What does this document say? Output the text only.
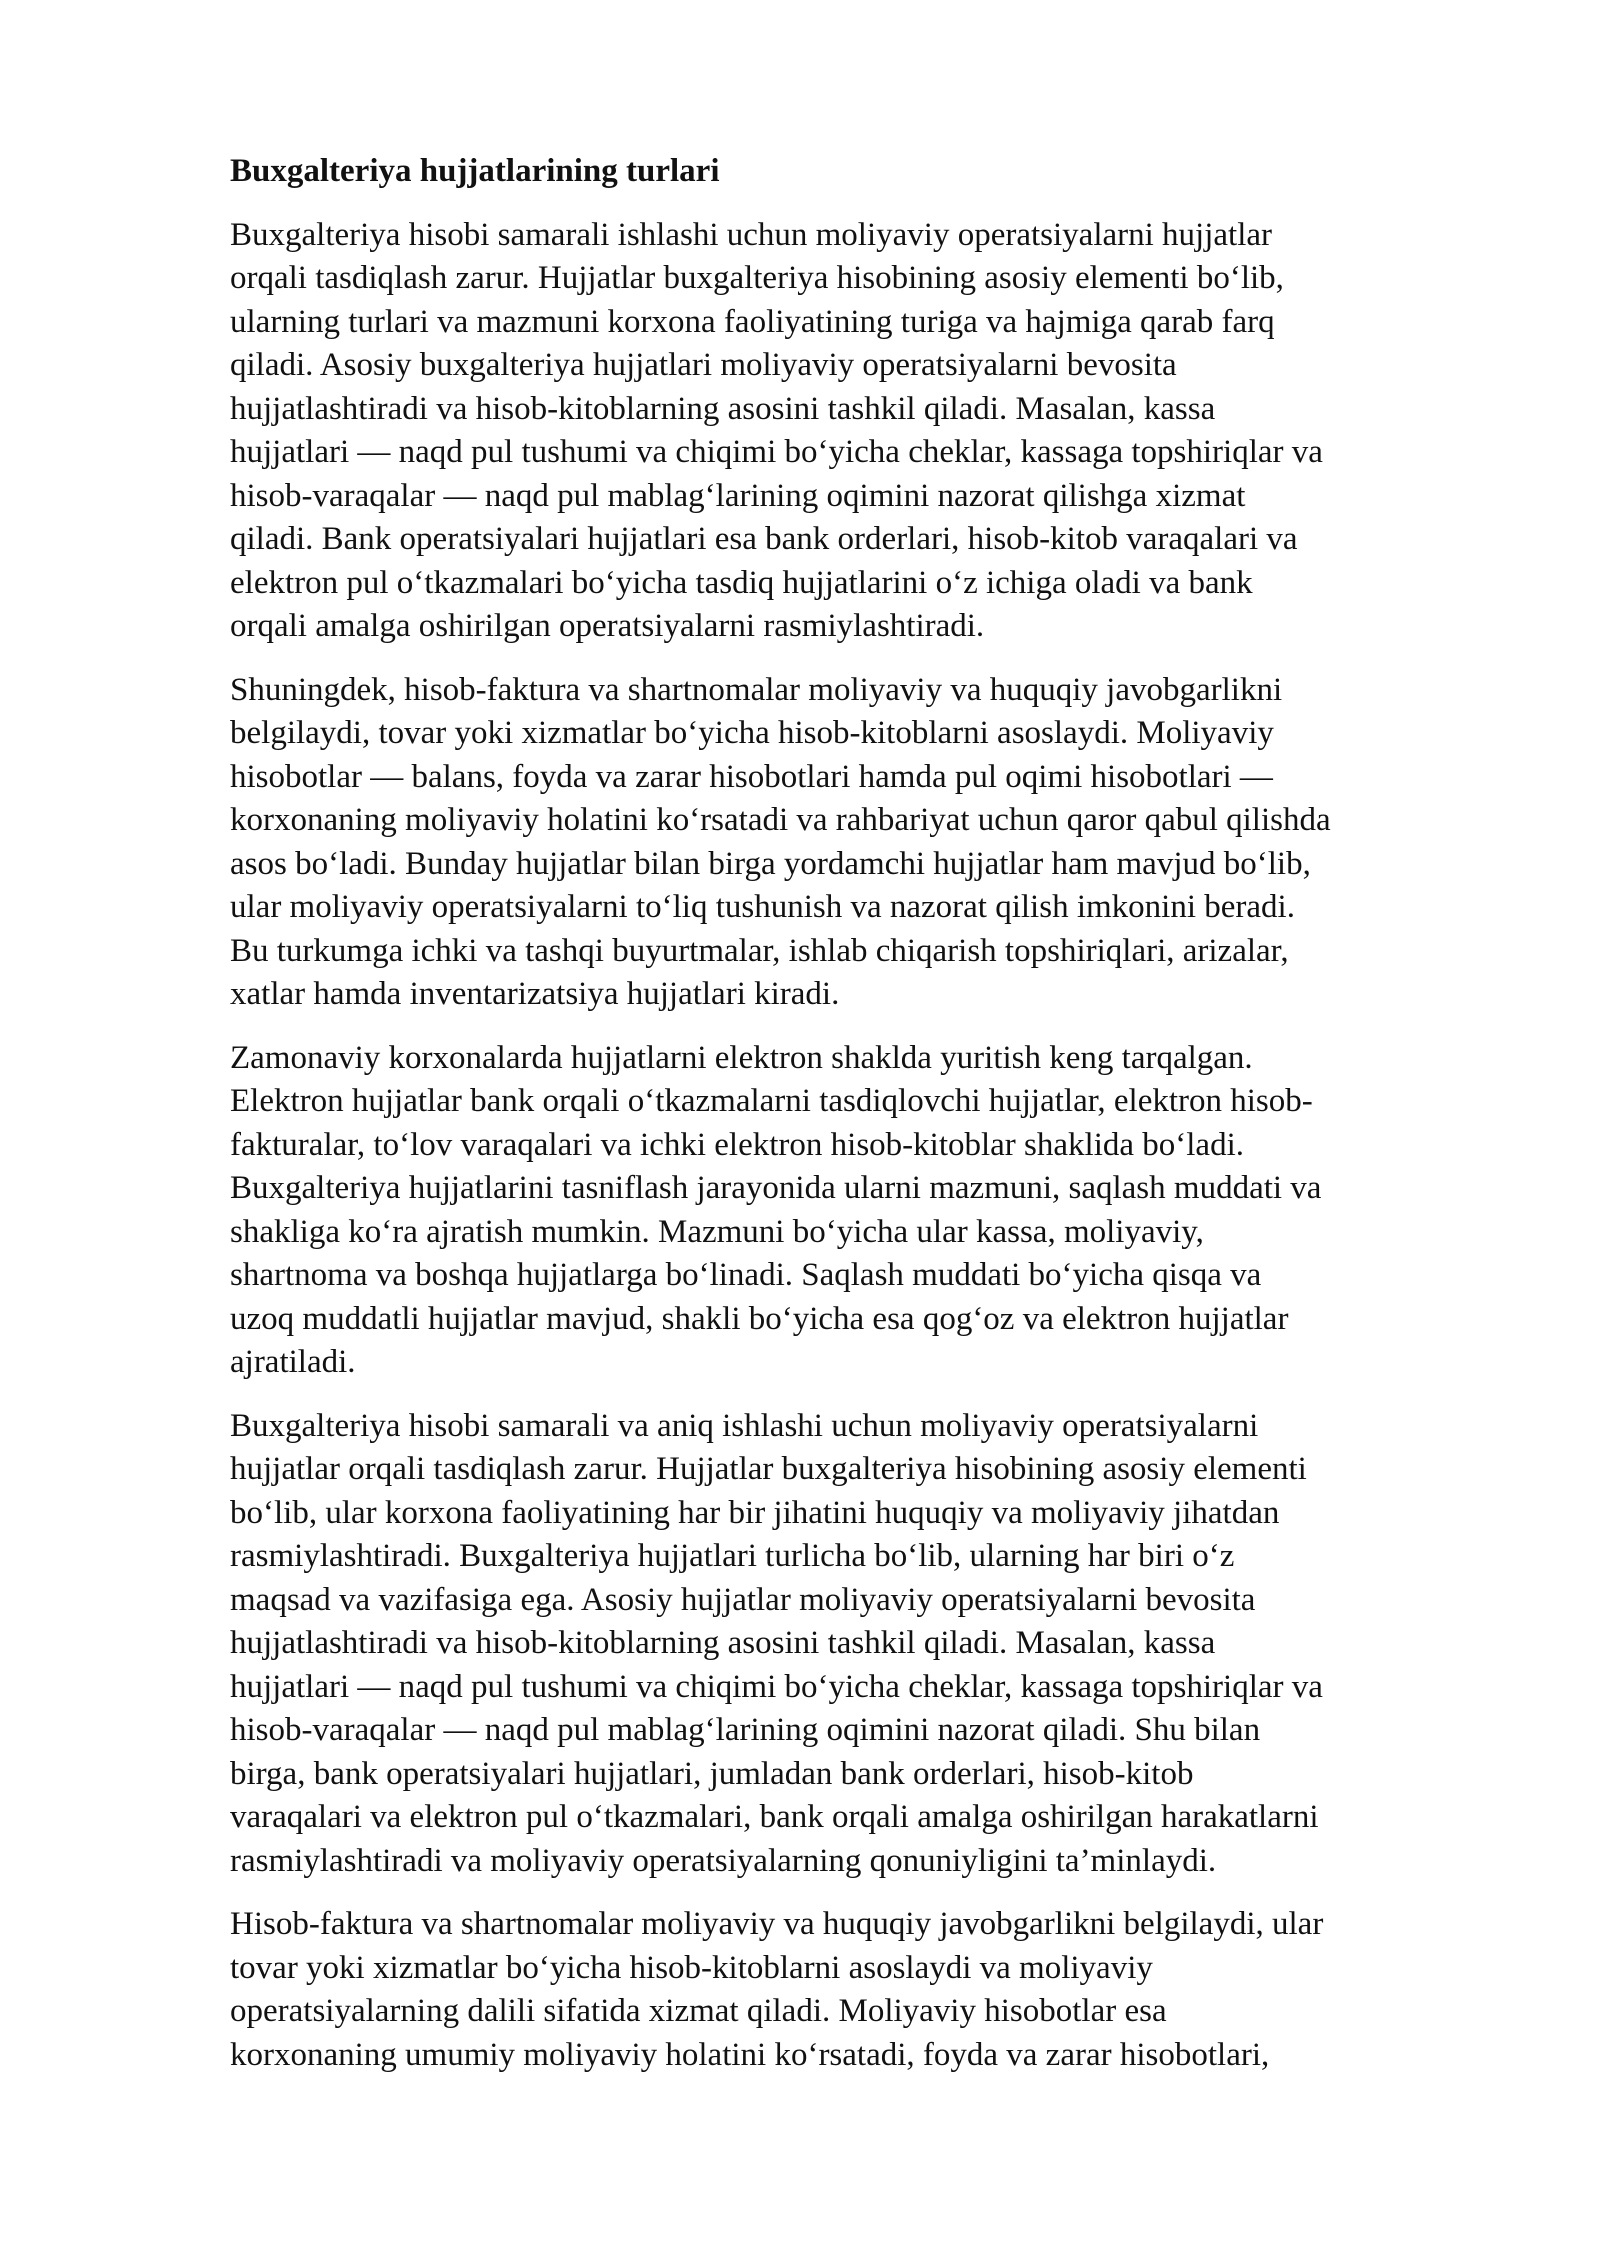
Buxgalteriya hujjatlarining turlari

Buxgalteriya hisobi samarali ishlashi uchun moliyaviy operatsiyalarni hujjatlar
orqali tasdiqlash zarur. Hujjatlar buxgalteriya hisobining asosiy elementi bo‘lib,
ularning turlari va mazmuni korxona faoliyatining turiga va hajmiga qarab farq
qiladi. Asosiy buxgalteriya hujjatlari moliyaviy operatsiyalarni bevosita
hujjatlashtiradi va hisob-kitoblarning asosini tashkil qiladi. Masalan, kassa
hujjatlari — naqd pul tushumi va chiqimi bo‘yicha cheklar, kassaga topshiriqlar va
hisob-varaqalar — naqd pul mablag‘larining oqimini nazorat qilishga xizmat
qiladi. Bank operatsiyalari hujjatlari esa bank orderlari, hisob-kitob varaqalari va
elektron pul o‘tkazmalari bo‘yicha tasdiq hujjatlarini o‘z ichiga oladi va bank
orqali amalga oshirilgan operatsiyalarni rasmiylashtiradi.

Shuningdek, hisob-faktura va shartnomalar moliyaviy va huquqiy javobgarlikni
belgilaydi, tovar yoki xizmatlar bo‘yicha hisob-kitoblarni asoslaydi. Moliyaviy
hisobotlar — balans, foyda va zarar hisobotlari hamda pul oqimi hisobotlari —
korxonaning moliyaviy holatini ko‘rsatadi va rahbariyat uchun qaror qabul qilishda
asos bo‘ladi. Bunday hujjatlar bilan birga yordamchi hujjatlar ham mavjud bo‘lib,
ular moliyaviy operatsiyalarni to‘liq tushunish va nazorat qilish imkonini beradi.
Bu turkumga ichki va tashqi buyurtmalar, ishlab chiqarish topshiriqlari, arizalar,
xatlar hamda inventarizatsiya hujjatlari kiradi.

Zamonaviy korxonalarda hujjatlarni elektron shaklda yuritish keng tarqalgan.
Elektron hujjatlar bank orqali o‘tkazmalarni tasdiqlovchi hujjatlar, elektron hisob-
fakturalar, to‘lov varaqalari va ichki elektron hisob-kitoblar shaklida bo‘ladi.
Buxgalteriya hujjatlarini tasniflash jarayonida ularni mazmuni, saqlash muddati va
shakliga ko‘ra ajratish mumkin. Mazmuni bo‘yicha ular kassa, moliyaviy,
shartnoma va boshqa hujjatlarga bo‘linadi. Saqlash muddati bo‘yicha qisqa va
uzoq muddatli hujjatlar mavjud, shakli bo‘yicha esa qog‘oz va elektron hujjatlar
ajratiladi.

Buxgalteriya hisobi samarali va aniq ishlashi uchun moliyaviy operatsiyalarni
hujjatlar orqali tasdiqlash zarur. Hujjatlar buxgalteriya hisobining asosiy elementi
bo‘lib, ular korxona faoliyatining har bir jihatini huquqiy va moliyaviy jihatdan
rasmiylashtiradi. Buxgalteriya hujjatlari turlicha bo‘lib, ularning har biri o‘z
maqsad va vazifasiga ega. Asosiy hujjatlar moliyaviy operatsiyalarni bevosita
hujjatlashtiradi va hisob-kitoblarning asosini tashkil qiladi. Masalan, kassa
hujjatlari — naqd pul tushumi va chiqimi bo‘yicha cheklar, kassaga topshiriqlar va
hisob-varaqalar — naqd pul mablag‘larining oqimini nazorat qiladi. Shu bilan
birga, bank operatsiyalari hujjatlari, jumladan bank orderlari, hisob-kitob
varaqalari va elektron pul o‘tkazmalari, bank orqali amalga oshirilgan harakatlarni
rasmiylashtiradi va moliyaviy operatsiyalarning qonuniyligini ta’minlaydi.

Hisob-faktura va shartnomalar moliyaviy va huquqiy javobgarlikni belgilaydi, ular
tovar yoki xizmatlar bo‘yicha hisob-kitoblarni asoslaydi va moliyaviy
operatsiyalarning dalili sifatida xizmat qiladi. Moliyaviy hisobotlar esa
korxonaning umumiy moliyaviy holatini ko‘rsatadi, foyda va zarar hisobotlari,
